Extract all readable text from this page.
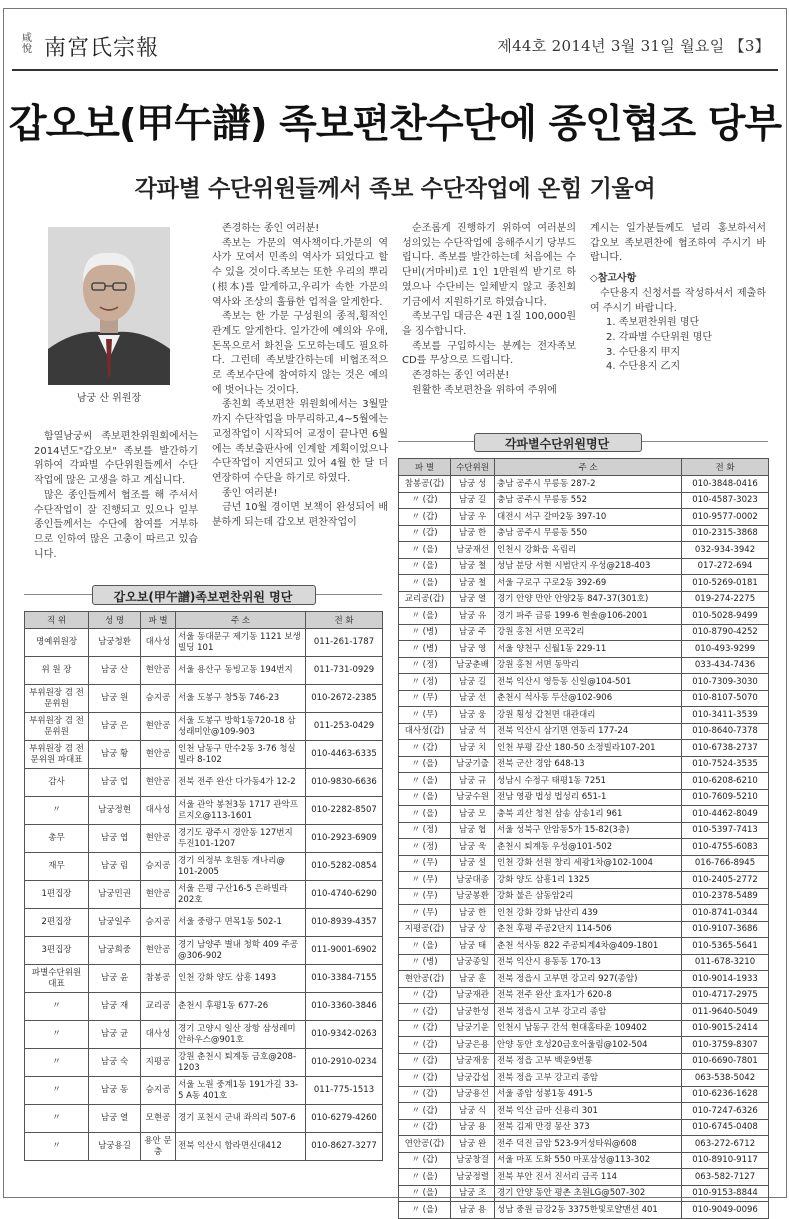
咸悅 南宮氏宗報	제44호 2014년 3월 31일 월요일 【3】
갑오보(甲午譜) 족보편찬수단에 종인협조 당부
각파별 수단위원들께서 족보 수단작업에 온힘 기울여
남궁 산 위원장

함열남궁씨 족보편찬위원회에서는 2014년도"갑오보" 족보를 발간하기 위하여 각파별 수단위원들께서 수단작업에 많은 고생을 하고 계십니다.

많은 종인들께서 협조를 해 주셔서 수단작업이 잘 진행되고 있으나 일부 종인들께서는 수단에 참여를 거부하므로 인하여 많은 고충이 따르고 있습니다.

존경하는 종인 여러분!

족보는 가문의 역사책이다.가문의 역사가 모여서 민족의 역사가 되었다고 할 수 있을 것이다.족보는 또한 우리의 뿌리(根本)를 알게하고,우리가 속한 가문의 역사와 조상의 훌륭한 업적을 알게한다.

족보는 한 가문 구성원의 종적,횡적인 관계도 알게한다. 일가간에 예의와 우애,돈목으로서 화친을 도모하는데도 필요하다. 그런데 족보발간하는데 비협조적으로 족보수단에 참여하지 않는 것은 예의에 벗어나는 것이다.

종친회 족보편찬 위원회에서는 3월말까지 수단작업을 마무리하고,4~5월에는 교정작업이 시작되어 교정이 끝나면 6월에는 족보출판사에 인계할 계획이었으나 수단작업이 지연되고 있어 4월 한 달 더 연장하여 수단을 하기로 하였다.

종인 여러분!

금년 10월 경이면 보책이 완성되어 배분하게 되는데 갑오보 편찬작업이

순조롭게 진행하기 위하여 여러분의 성의있는 수단작업에 응해주시기 당부드립니다. 족보를 발간하는데 처음에는 수단비(거마비)로 1인 1만원씩 받기로 하였으나 수단비는 일체받지 않고 종친회 기금에서 지원하기로 하였습니다.

족보구입 대금은 4권 1질 100,000원을 징수합니다.

족보를 구입하시는 분께는 전자족보 CD를 무상으로 드립니다.

존경하는 종인 여러분!

원활한 족보편찬을 위하여 주위에

계시는 일가분들께도 널리 홍보하셔서 갑오보 족보편찬에 협조하여 주시기 바랍니다.

◇참고사항

수단용지 신청서를 작성하셔서 제출하여 주시기 바랍니다.

1. 족보편찬위원 명단
2. 각파별 수단위원 명단
3. 수단용지 甲지
4. 수단용지 乙지
갑오보(甲午譜)족보편찬위원 명단
직 위	성 명	파 별	주 소	전 화
명예위원장	남궁청환	대사성	서울 동대문구 제기동 1121 보생빌딩 101	011-261-1787
위 원 장	남궁 산	현안공	서울 용산구 동빙고동 194번지	011-731-0929
부위원장 겸 전문위원	남궁 원	승지공	서울 도봉구 창5동 746-23	010-2672-2385
부위원장 겸 전문위원	남궁 은	현안공	서울 도봉구 방학1동720-18 삼성래미안@109-903	011-253-0429
부위원장 겸 전문위원 파대표	남궁 황	현안공	인천 남동구 만수2동 3-76 청실빌라 8-102	010-4463-6335
감사	남궁 업	현안공	전북 전주 완산 다가동4가 12-2	010-9830-6636
〃	남궁정현	대사성	서울 관악 봉천3동 1717 관악프르지오@113-1601	010-2282-8507
총무	남궁 엽	현안공	경기도 광주시 경안동 127번지 두진101-1207	010-2923-6909
재무	남궁 림	승지공	경기 의정부 호원동 개나리@ 101-2005	010-5282-0854
1편집장	남궁민권	현안공	서울 은평 구산16-5 은하빌라 202호	010-4740-6290
2편집장	남궁일주	승지공	서울 중랑구 면목1동 502-1	010-8939-4357
3편집장	남궁희중	현안공	경기 남양주 별내 청학 409 주공@306-902	011-9001-6902
파별수단위원 대표	남궁 윤	참봉공	인천 강화 양도 삼흥 1493	010-3384-7155
〃	남궁 재	교리공	춘천시 후평1동 677-26	010-3360-3846
〃	남궁 균	대사성	경기 고양시 일산 장항 삼성레미안하우스@901호	010-9342-0263
〃	남궁 숙	지평공	강원 춘천시 퇴계동 금호@208-1203	010-2910-0234
〃	남궁 동	승지공	서울 노원 중계1동 191가길 33-5 A동 401호	011-775-1513
〃	남궁 열	모현공	경기 포천시 군내 좌의리 507-6	010-6279-4260
〃	남궁용길	용안 문충	전북 익산시 함라면신대412	010-8627-3277
각파별수단위원명단
파 별	수단위원	주 소	전 화
참봉공(갑)	남궁 성	충남 공주시 무릉동 287-2	010-3848-0416
〃 (갑)	남궁 길	충남 공주시 무릉동 552	010-4587-3023
〃 (갑)	남궁 우	대전시 서구 갈마2동 397-10	010-9577-0002
〃 (갑)	남궁 한	충남 공주시 무릉동 550	010-2315-3868
〃 (을)	남궁재선	인천시 강화읍 옥림리	032-934-3942
〃 (을)	남궁 철	성남 분당 서현 시범단지 우성@218-403	017-272-694
〃 (을)	남궁 철	서울 구로구 구로2동 392-69	010-5269-0181
교리공(갑)	남궁 열	경기 안양 만안 안양2동 847-37(301호)	019-274-2275
〃 (을)	남궁 유	경기 파주 금릉 199-6 현솔@106-2001	010-5028-9499
〃 (병)	남궁 주	강원 홍천 서면 모곡2리	010-8790-4252
〃 (병)	남궁 영	서울 양천구 신월1동 229-11	010-493-9299
〃 (정)	남궁춘배	강원 홍천 서면 동막리	033-434-7436
〃 (정)	남궁 길	전북 익산시 영등동 신일@104-501	010-7309-3030
〃 (무)	남궁 선	춘천시 석사동 두산@102-906	010-8107-5070
〃 (무)	남궁 웅	강원 횡성 갑천면 대관대리	010-3411-3539
대사성(갑)	남궁 석	전북 익산시 삼기면 연동리 177-24	010-8640-7378
〃 (갑)	남궁 치	인천 부평 갈산 180-50 소정빌라107-201	010-6738-2737
〃 (을)	남궁기출	전북 군산 경암 648-13	010-7524-3535
〃 (을)	남궁 규	성남시 수정구 태평1동 7251	010-6208-6210
〃 (을)	남궁수원	전남 영광 법성 법성리 651-1	010-7609-5210
〃 (을)	남궁 모	충북 괴산 청천 삼송 삼송1리 961	010-4462-8049
〃 (정)	남궁 협	서울 성북구 안암동5가 15-82(3층)	010-5397-7413
〃 (정)	남궁 욱	춘천시 퇴계동 우성@101-502	010-4755-6083
〃 (무)	남궁 설	인천 강화 선원 창리 세광1차@102-1004	016-766-8945
〃 (무)	남궁대종	강화 양도 삼흥1리 1325	010-2405-2772
〃 (무)	남궁봉환	강화 불은 삼동암2리	010-2378-5489
〃 (무)	남궁 한	인천 강화 강화 남산리 439	010-8741-0344
지평공(갑)	남궁 상	춘천 후평 주공2단지 114-506	010-9107-3686
〃 (을)	남궁 태	춘천 석사동 822 주공퇴계4차@409-1801	010-5365-5641
〃 (병)	남궁종일	전북 익산시 용동동 170-13	011-678-3210
현안공(갑)	남궁 훈	전북 정읍시 고부면 강고리 927(종암)	010-9014-1933
〃 (갑)	남궁재관	전북 전주 완산 효자1가 620-8	010-4717-2975
〃 (갑)	남궁한성	전북 정읍시 고부 강고리 종암	011-9640-5049
〃 (갑)	남궁기운	인천시 남동구 간석 현대홈타운 109402	010-9015-2414
〃 (갑)	남궁은용	안양 동안 호성20금호어울림@102-504	010-3759-8307
〃 (갑)	남궁재웅	전북 정읍 고부 백운9번통	010-6690-7801
〃 (갑)	남궁갑섭	전북 정읍 고부 강고리 종암	063-538-5042
〃 (갑)	남궁용선	서울 종암 성봉1동 491-5	010-6236-1628
〃 (갑)	남궁 식	전북 익산 금마 신용리 301	010-7247-6326
〃 (갑)	남궁 용	전북 김제 만경 몽산 373	010-6745-0408
연안공(갑)	남궁 완	전주 덕진 금암 523-9거성타워@608	063-272-6712
〃 (갑)	남궁창걸	서울 마포 도화 550 마포삼성@113-302	010-8910-9117
〃 (을)	남궁정렬	전북 부안 진서 진서리 금곡 114	063-582-7127
〃 (을)	남궁 조	경기 안양 동안 평촌 초원LG@507-302	010-9153-8844
〃 (을)	남궁 용	성남 중원 금강2동 3375한빛로얄맨션 401	010-9049-0096
